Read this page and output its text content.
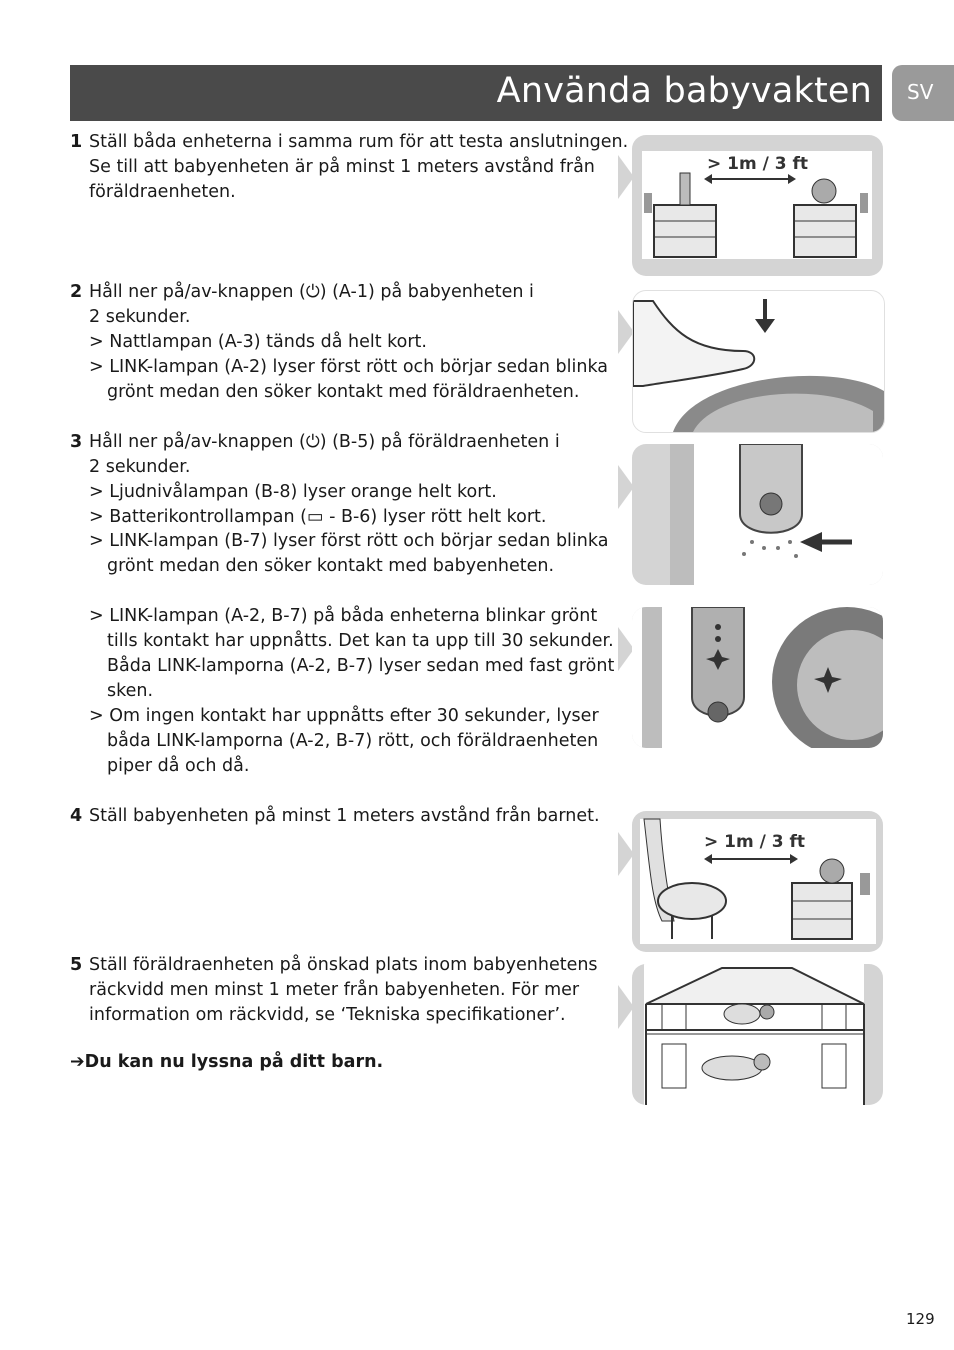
Använda babyvakten SV
1 Ställ båda enheterna i samma rum för att testa anslutningen.
Se till att babyenheten är på minst 1 meters avstånd från
föräldraenheten.
2 Håll ner på/av-knappen (⏻) (A-1) på babyenheten i
2 sekunder.
> Nattlampan (A-3) tänds då helt kort.
> LINK-lampan (A-2) lyser först rött och börjar sedan blinka
grönt medan den söker kontakt med föräldraenheten.
3 Håll ner på/av-knappen (⏻) (B-5) på föräldraenheten i
2 sekunder.
> Ljudnivålampan (B-8) lyser orange helt kort.
> Batterikontrollampan (▭ - B-6) lyser rött helt kort.
> LINK-lampan (B-7) lyser först rött och börjar sedan blinka
grönt medan den söker kontakt med babyenheten.
> LINK-lampan (A-2, B-7) på båda enheterna blinkar grönt
tills kontakt har uppnåtts. Det kan ta upp till 30 sekunder.
Båda LINK-lamporna (A-2, B-7) lyser sedan med fast grönt
sken.
> Om ingen kontakt har uppnåtts efter 30 sekunder, lyser
båda LINK-lamporna (A-2, B-7) rött, och föräldraenheten
piper då och då.
4 Ställ babyenheten på minst 1 meters avstånd från barnet.
5 Ställ föräldraenheten på önskad plats inom babyenhetens
räckvidd men minst 1 meter från babyenheten. För mer
information om räckvidd, se ‘Tekniska specifikationer’.
➔Du kan nu lyssna på ditt barn.
> 1m / 3 ft
> 1m / 3 ft
129
